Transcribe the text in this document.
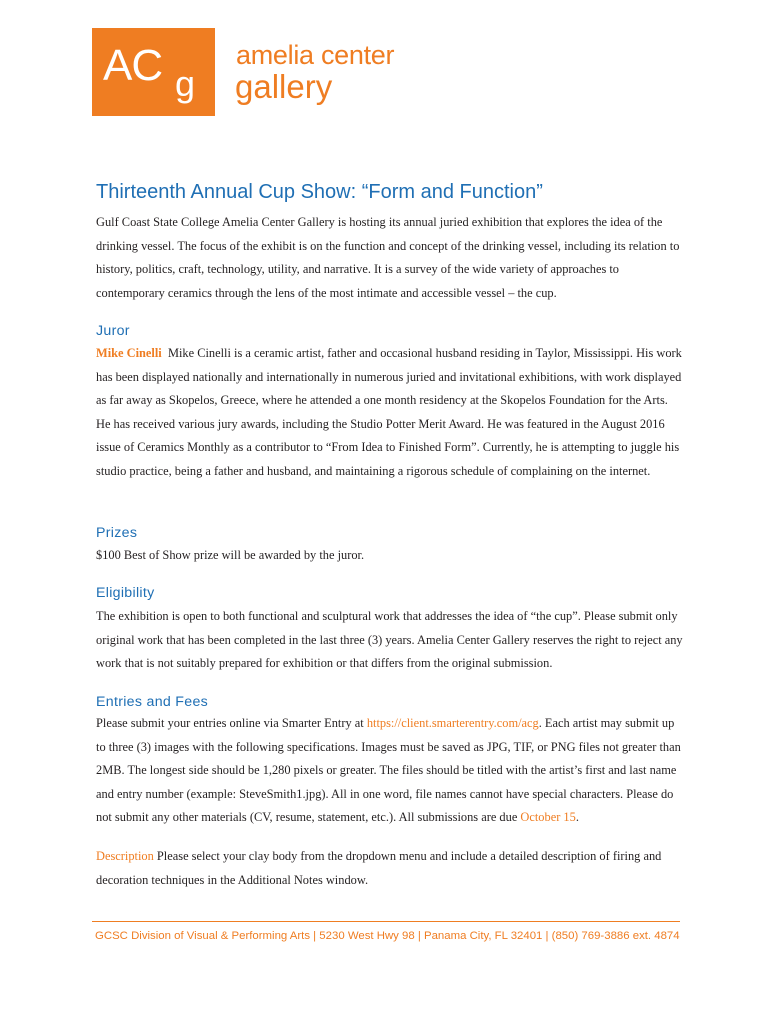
AC g
amelia center
gallery
Thirteenth Annual Cup Show: “Form and Function”

Gulf Coast State College Amelia Center Gallery is hosting its annual juried exhibition that explores the idea of the drinking vessel. The focus of the exhibit is on the function and concept of the drinking vessel, including its relation to history, politics, craft, technology, utility, and narrative. It is a survey of the wide variety of approaches to contemporary ceramics through the lens of the most intimate and accessible vessel – the cup.

Juror

Mike Cinelli Mike Cinelli is a ceramic artist, father and occasional husband residing in Taylor, Mississippi. His work has been displayed nationally and internationally in numerous juried and invitational exhibitions, with work displayed as far away as Skopelos, Greece, where he attended a one month residency at the Skopelos Foundation for the Arts. He has received various jury awards, including the Studio Potter Merit Award. He was featured in the August 2016 issue of Ceramics Monthly as a contributor to “From Idea to Finished Form”. Currently, he is attempting to juggle his studio practice, being a father and husband, and maintaining a rigorous schedule of complaining on the internet.

Prizes

$100 Best of Show prize will be awarded by the juror.

Eligibility

The exhibition is open to both functional and sculptural work that addresses the idea of “the cup”. Please submit only original work that has been completed in the last three (3) years. Amelia Center Gallery reserves the right to reject any work that is not suitably prepared for exhibition or that differs from the original submission.

Entries and Fees

Please submit your entries online via Smarter Entry at https://client.smarterentry.com/acg. Each artist may submit up to three (3) images with the following specifications. Images must be saved as JPG, TIF, or PNG files not greater than 2MB. The longest side should be 1,280 pixels or greater. The files should be titled with the artist’s first and last name and entry number (example: SteveSmith1.jpg). All in one word, file names cannot have special characters. Please do not submit any other materials (CV, resume, statement, etc.). All submissions are due October 15.

Description Please select your clay body from the dropdown menu and include a detailed description of firing and decoration techniques in the Additional Notes window.

GCSC Division of Visual & Performing Arts | 5230 West Hwy 98 | Panama City, FL 32401 | (850) 769-3886 ext. 4874
